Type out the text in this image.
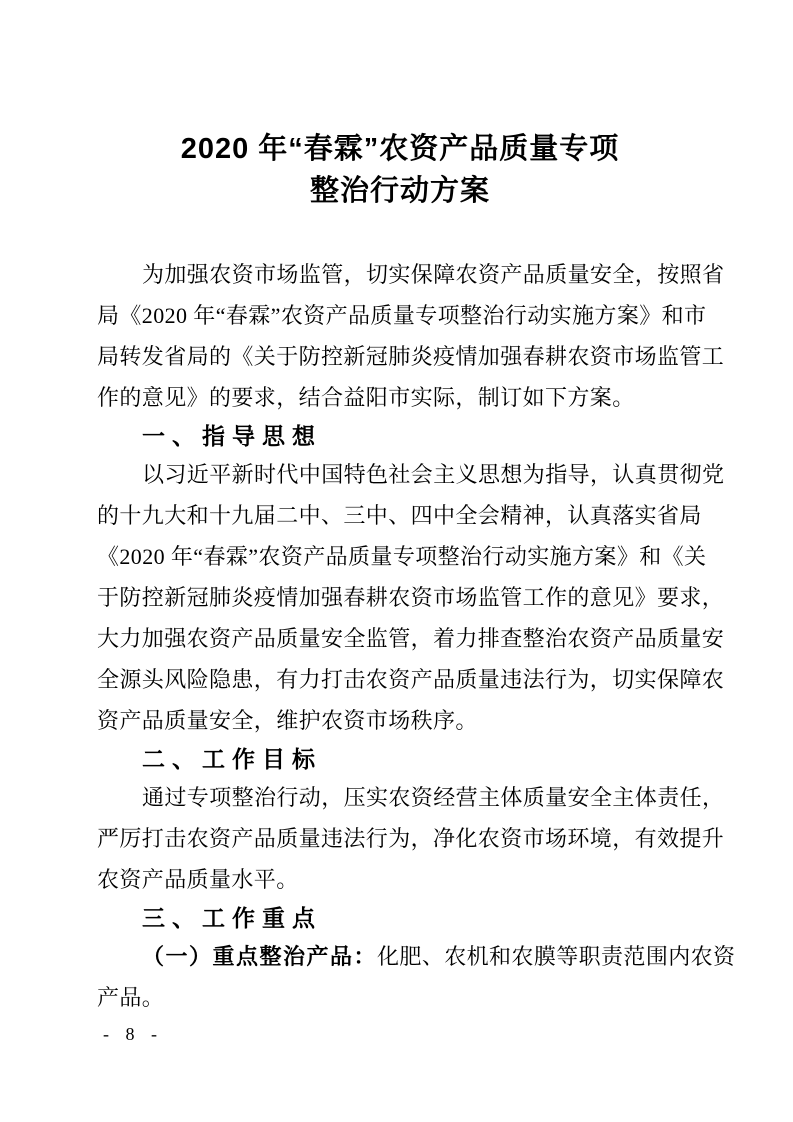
2020 年“春霖”农资产品质量专项
整治行动方案
为加强农资市场监管，切实保障农资产品质量安全，按照省
局《2020 年“春霖”农资产品质量专项整治行动实施方案》和市
局转发省局的《关于防控新冠肺炎疫情加强春耕农资市场监管工
作的意见》的要求，结合益阳市实际，制订如下方案。
一、指导思想
以习近平新时代中国特色社会主义思想为指导，认真贯彻党
的十九大和十九届二中、三中、四中全会精神，认真落实省局
《2020 年“春霖”农资产品质量专项整治行动实施方案》和《关
于防控新冠肺炎疫情加强春耕农资市场监管工作的意见》要求，
大力加强农资产品质量安全监管，着力排查整治农资产品质量安
全源头风险隐患，有力打击农资产品质量违法行为，切实保障农
资产品质量安全，维护农资市场秩序。
二、工作目标
通过专项整治行动，压实农资经营主体质量安全主体责任，
严厉打击农资产品质量违法行为，净化农资市场环境，有效提升
农资产品质量水平。
三、工作重点
（一）重点整治产品：化肥、农机和农膜等职责范围内农资
产品。
- 8 -
